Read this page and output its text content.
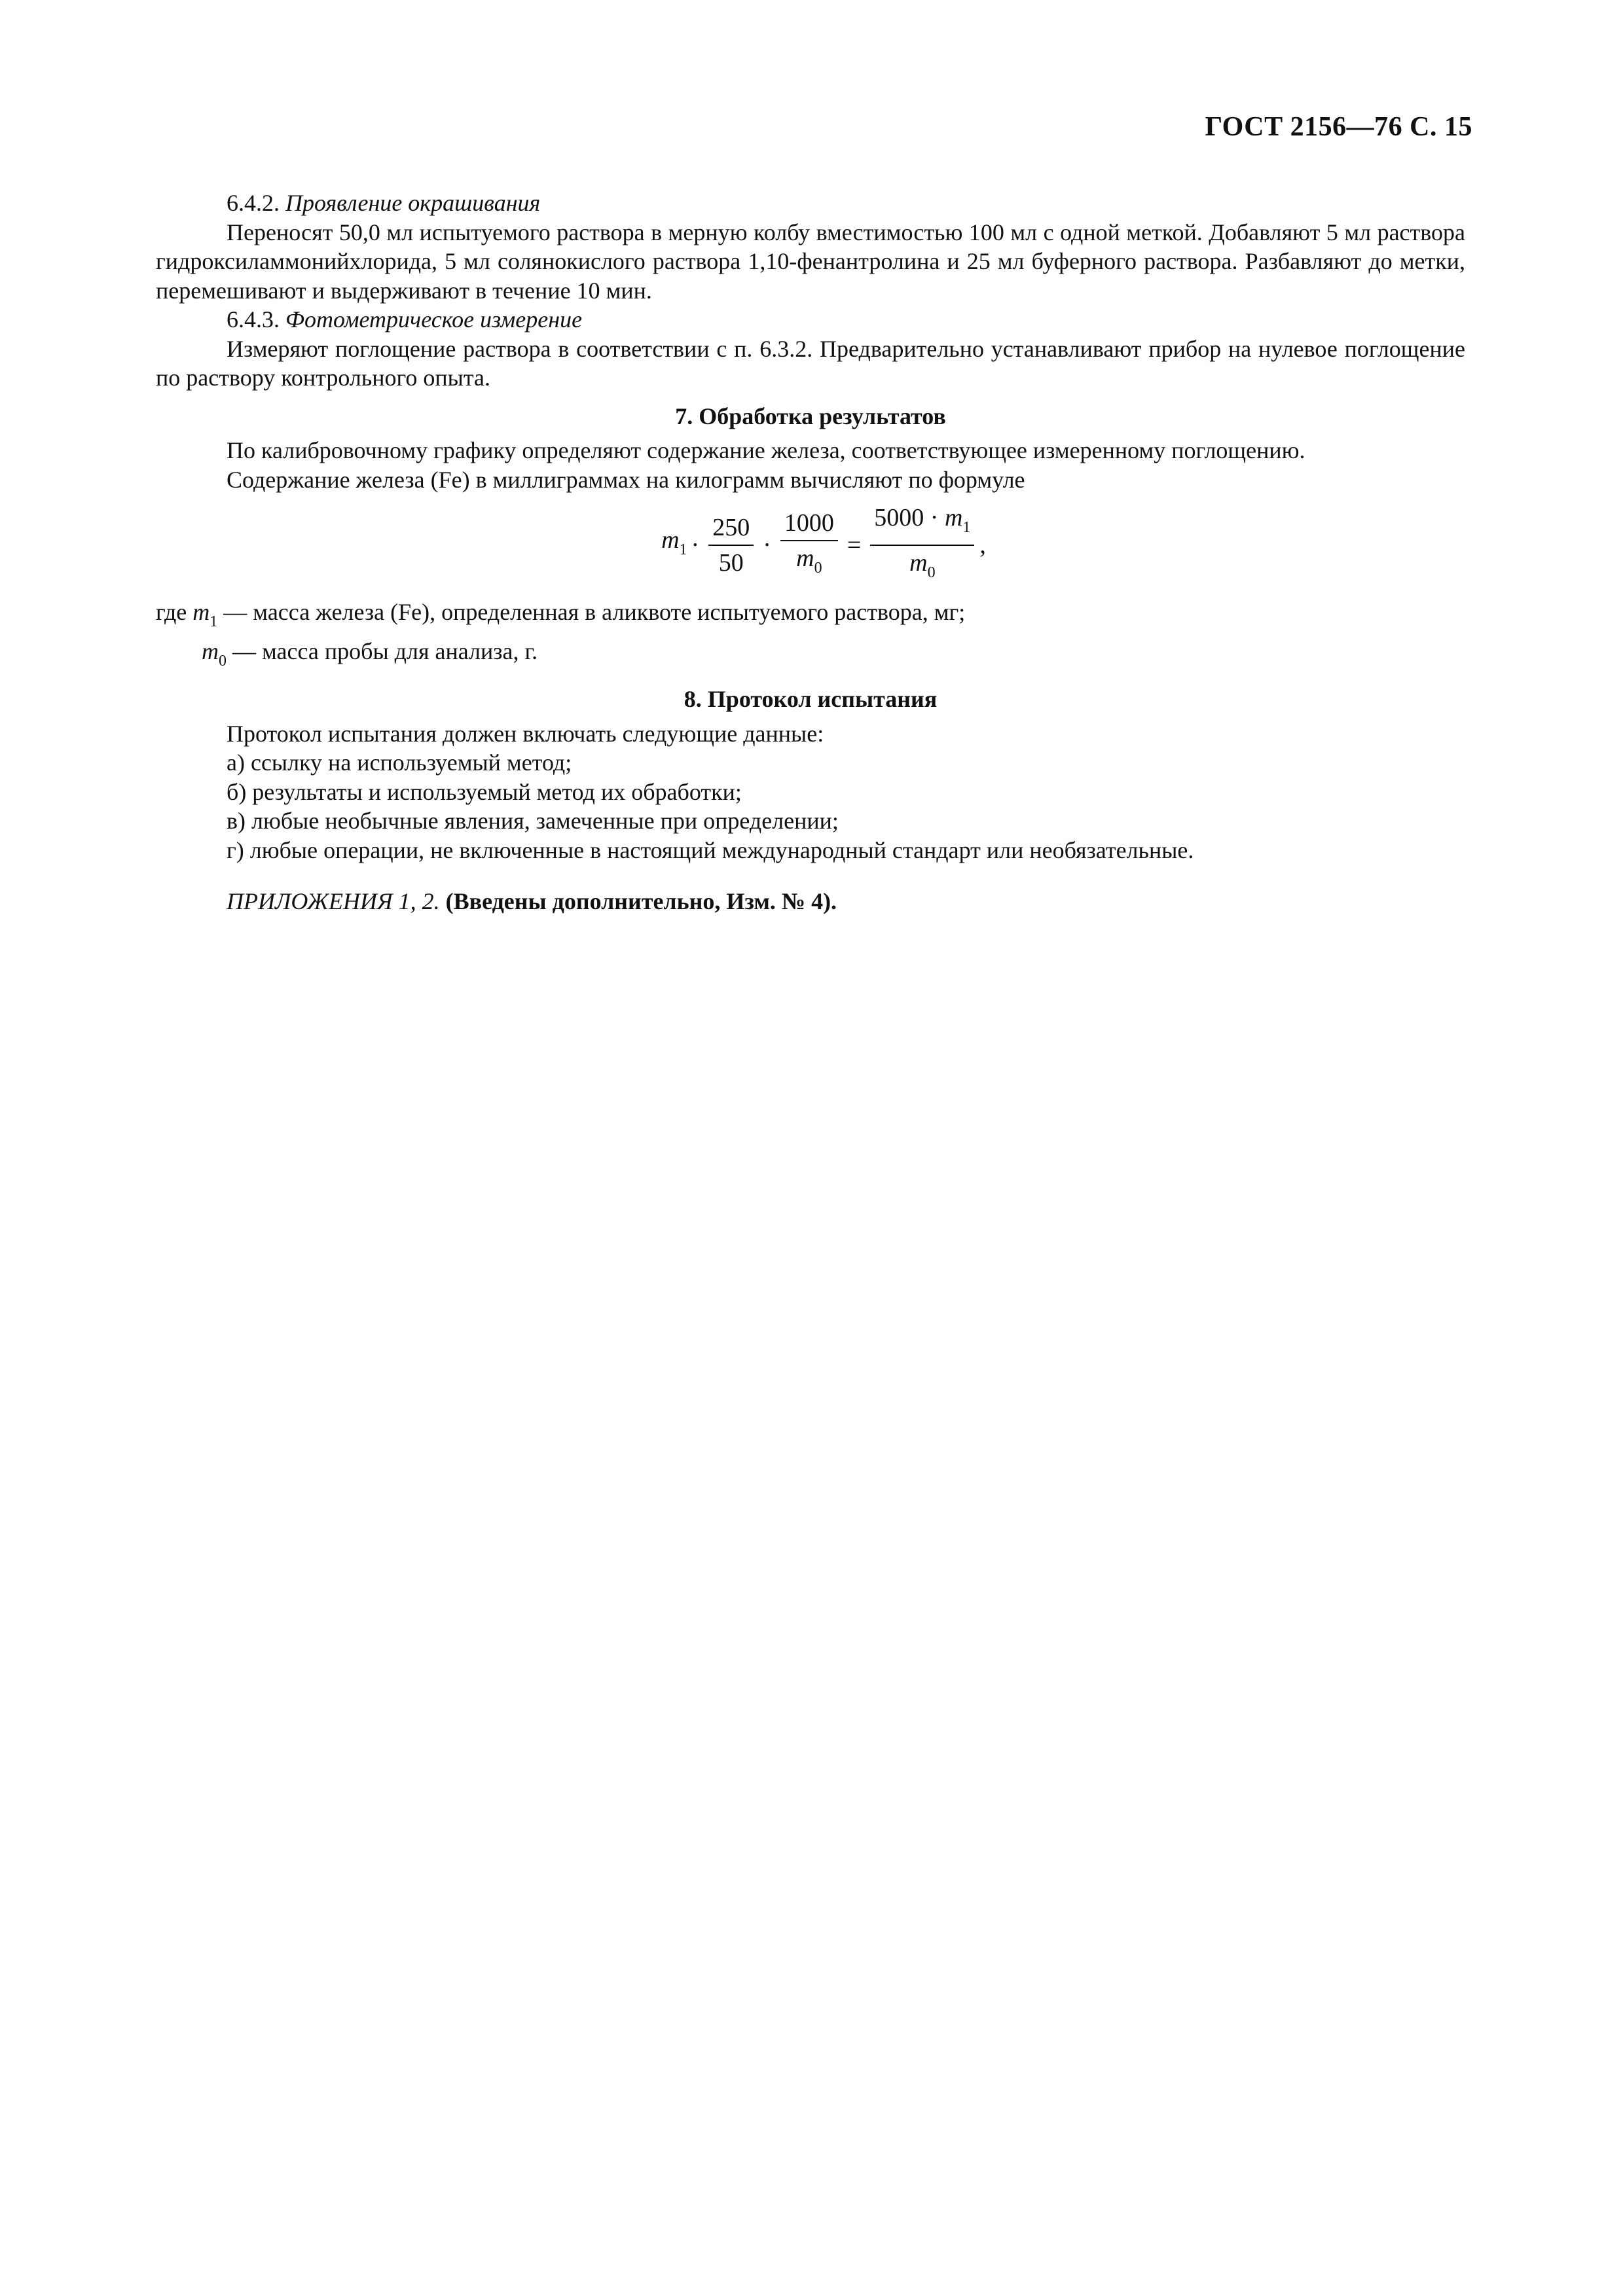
ГОСТ 2156—76 С. 15

6.4.2. Проявление окрашивания

Переносят 50,0 мл испытуемого раствора в мерную колбу вместимостью 100 мл с одной меткой. Добавляют 5 мл раствора гидроксиламмонийхлорида, 5 мл солянокислого раствора 1,10-фенантролина и 25 мл буферного раствора. Разбавляют до метки, перемешивают и выдерживают в течение 10 мин.

6.4.3. Фотометрическое измерение

Измеряют поглощение раствора в соответствии с п. 6.3.2. Предварительно устанавливают прибор на нулевое поглощение по раствору контрольного опыта.

7. Обработка результатов

По калибровочному графику определяют содержание железа, соответствующее измеренному поглощению.

Содержание железа (Fe) в миллиграммах на килограмм вычисляют по формуле

$m_1 \cdot \frac{250}{50} \cdot \frac{1000}{m_0} = \frac{5000 \cdot m_1}{m_0}$ ,

где $m_1$ — масса железа (Fe), определенная в аликвоте испытуемого раствора, мг;

$m_0$ — масса пробы для анализа, г.

8. Протокол испытания

Протокол испытания должен включать следующие данные:

а) ссылку на используемый метод;

б) результаты и используемый метод их обработки;

в) любые необычные явления, замеченные при определении;

г) любые операции, не включенные в настоящий международный стандарт или необязательные.

ПРИЛОЖЕНИЯ 1, 2. (Введены дополнительно, Изм. № 4).
